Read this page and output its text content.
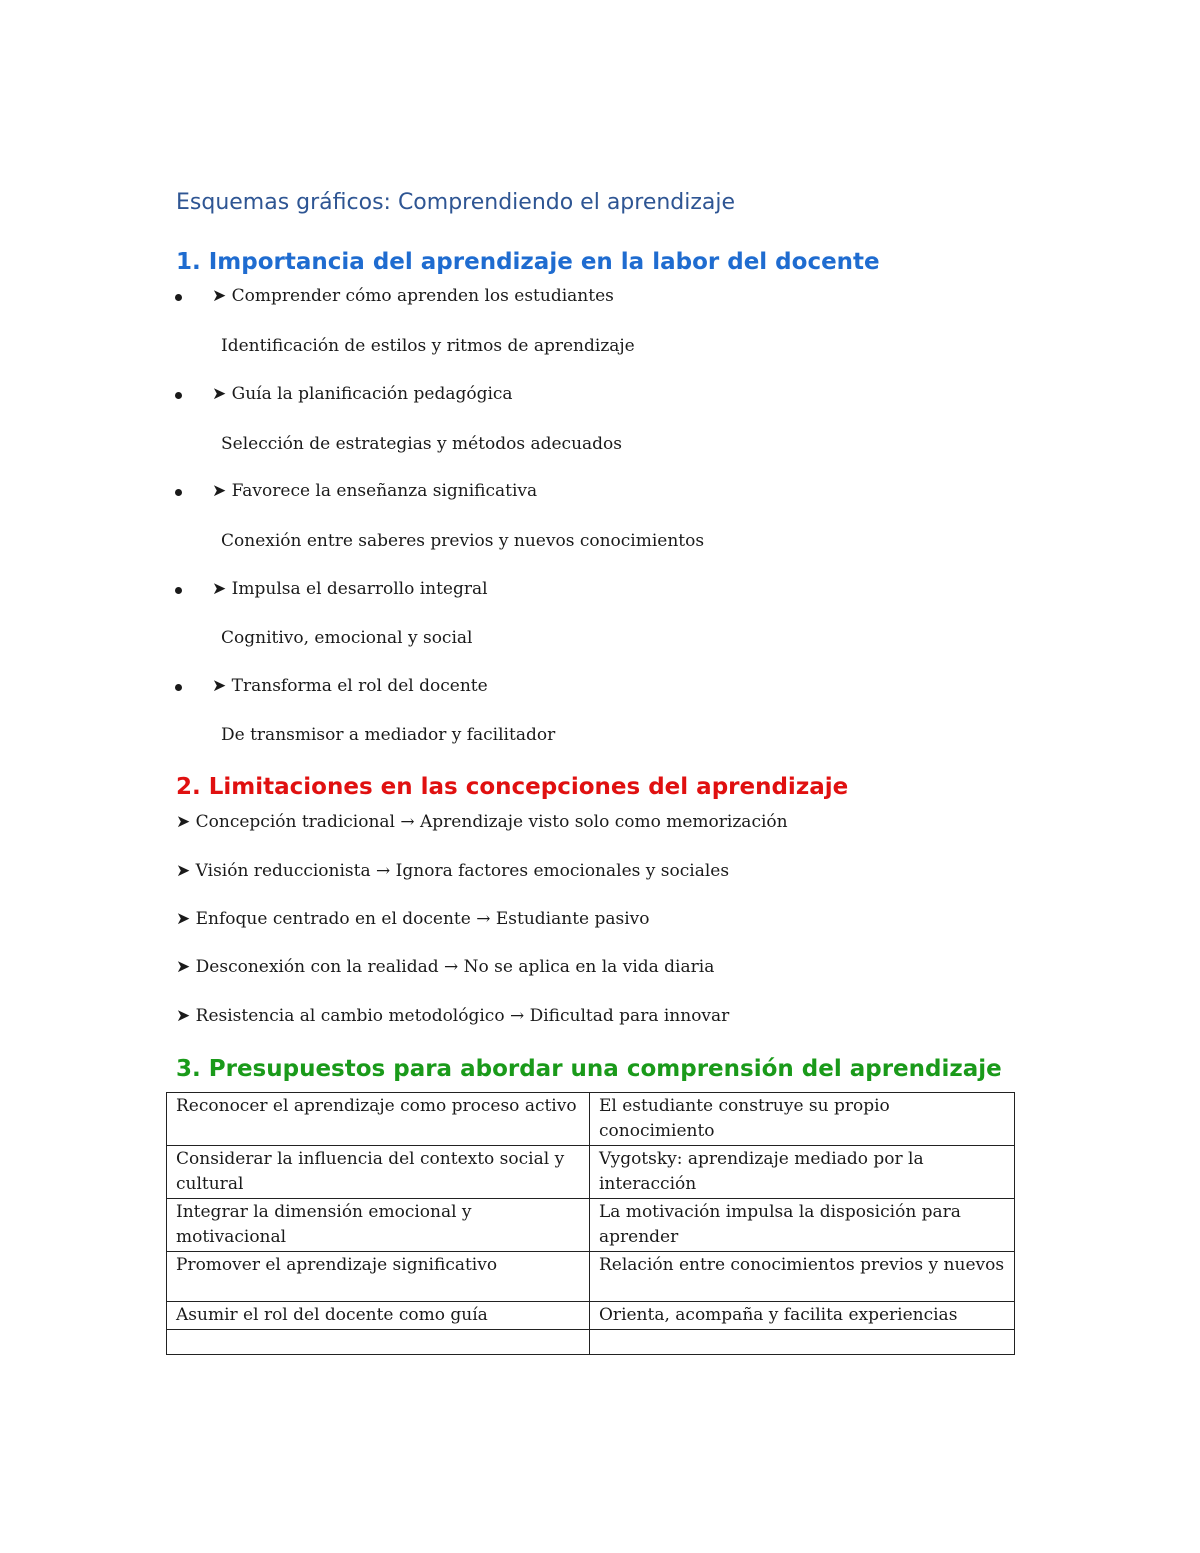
Esquemas gráficos: Comprendiendo el aprendizaje
1. Importancia del aprendizaje en la labor del docente
➤ Comprender cómo aprenden los estudiantes
Identificación de estilos y ritmos de aprendizaje
➤ Guía la planificación pedagógica
Selección de estrategias y métodos adecuados
➤ Favorece la enseñanza significativa
Conexión entre saberes previos y nuevos conocimientos
➤ Impulsa el desarrollo integral
Cognitivo, emocional y social
➤ Transforma el rol del docente
De transmisor a mediador y facilitador
2. Limitaciones en las concepciones del aprendizaje
➤ Concepción tradicional → Aprendizaje visto solo como memorización
➤ Visión reduccionista → Ignora factores emocionales y sociales
➤ Enfoque centrado en el docente → Estudiante pasivo
➤ Desconexión con la realidad → No se aplica en la vida diaria
➤ Resistencia al cambio metodológico → Dificultad para innovar
3. Presupuestos para abordar una comprensión del aprendizaje
Reconocer el aprendizaje como proceso activo	El estudiante construye su propio conocimiento
Considerar la influencia del contexto social y cultural	Vygotsky: aprendizaje mediado por la interacción
Integrar la dimensión emocional y motivacional	La motivación impulsa la disposición para aprender
Promover el aprendizaje significativo	Relación entre conocimientos previos y nuevos
Asumir el rol del docente como guía	Orienta, acompaña y facilita experiencias
